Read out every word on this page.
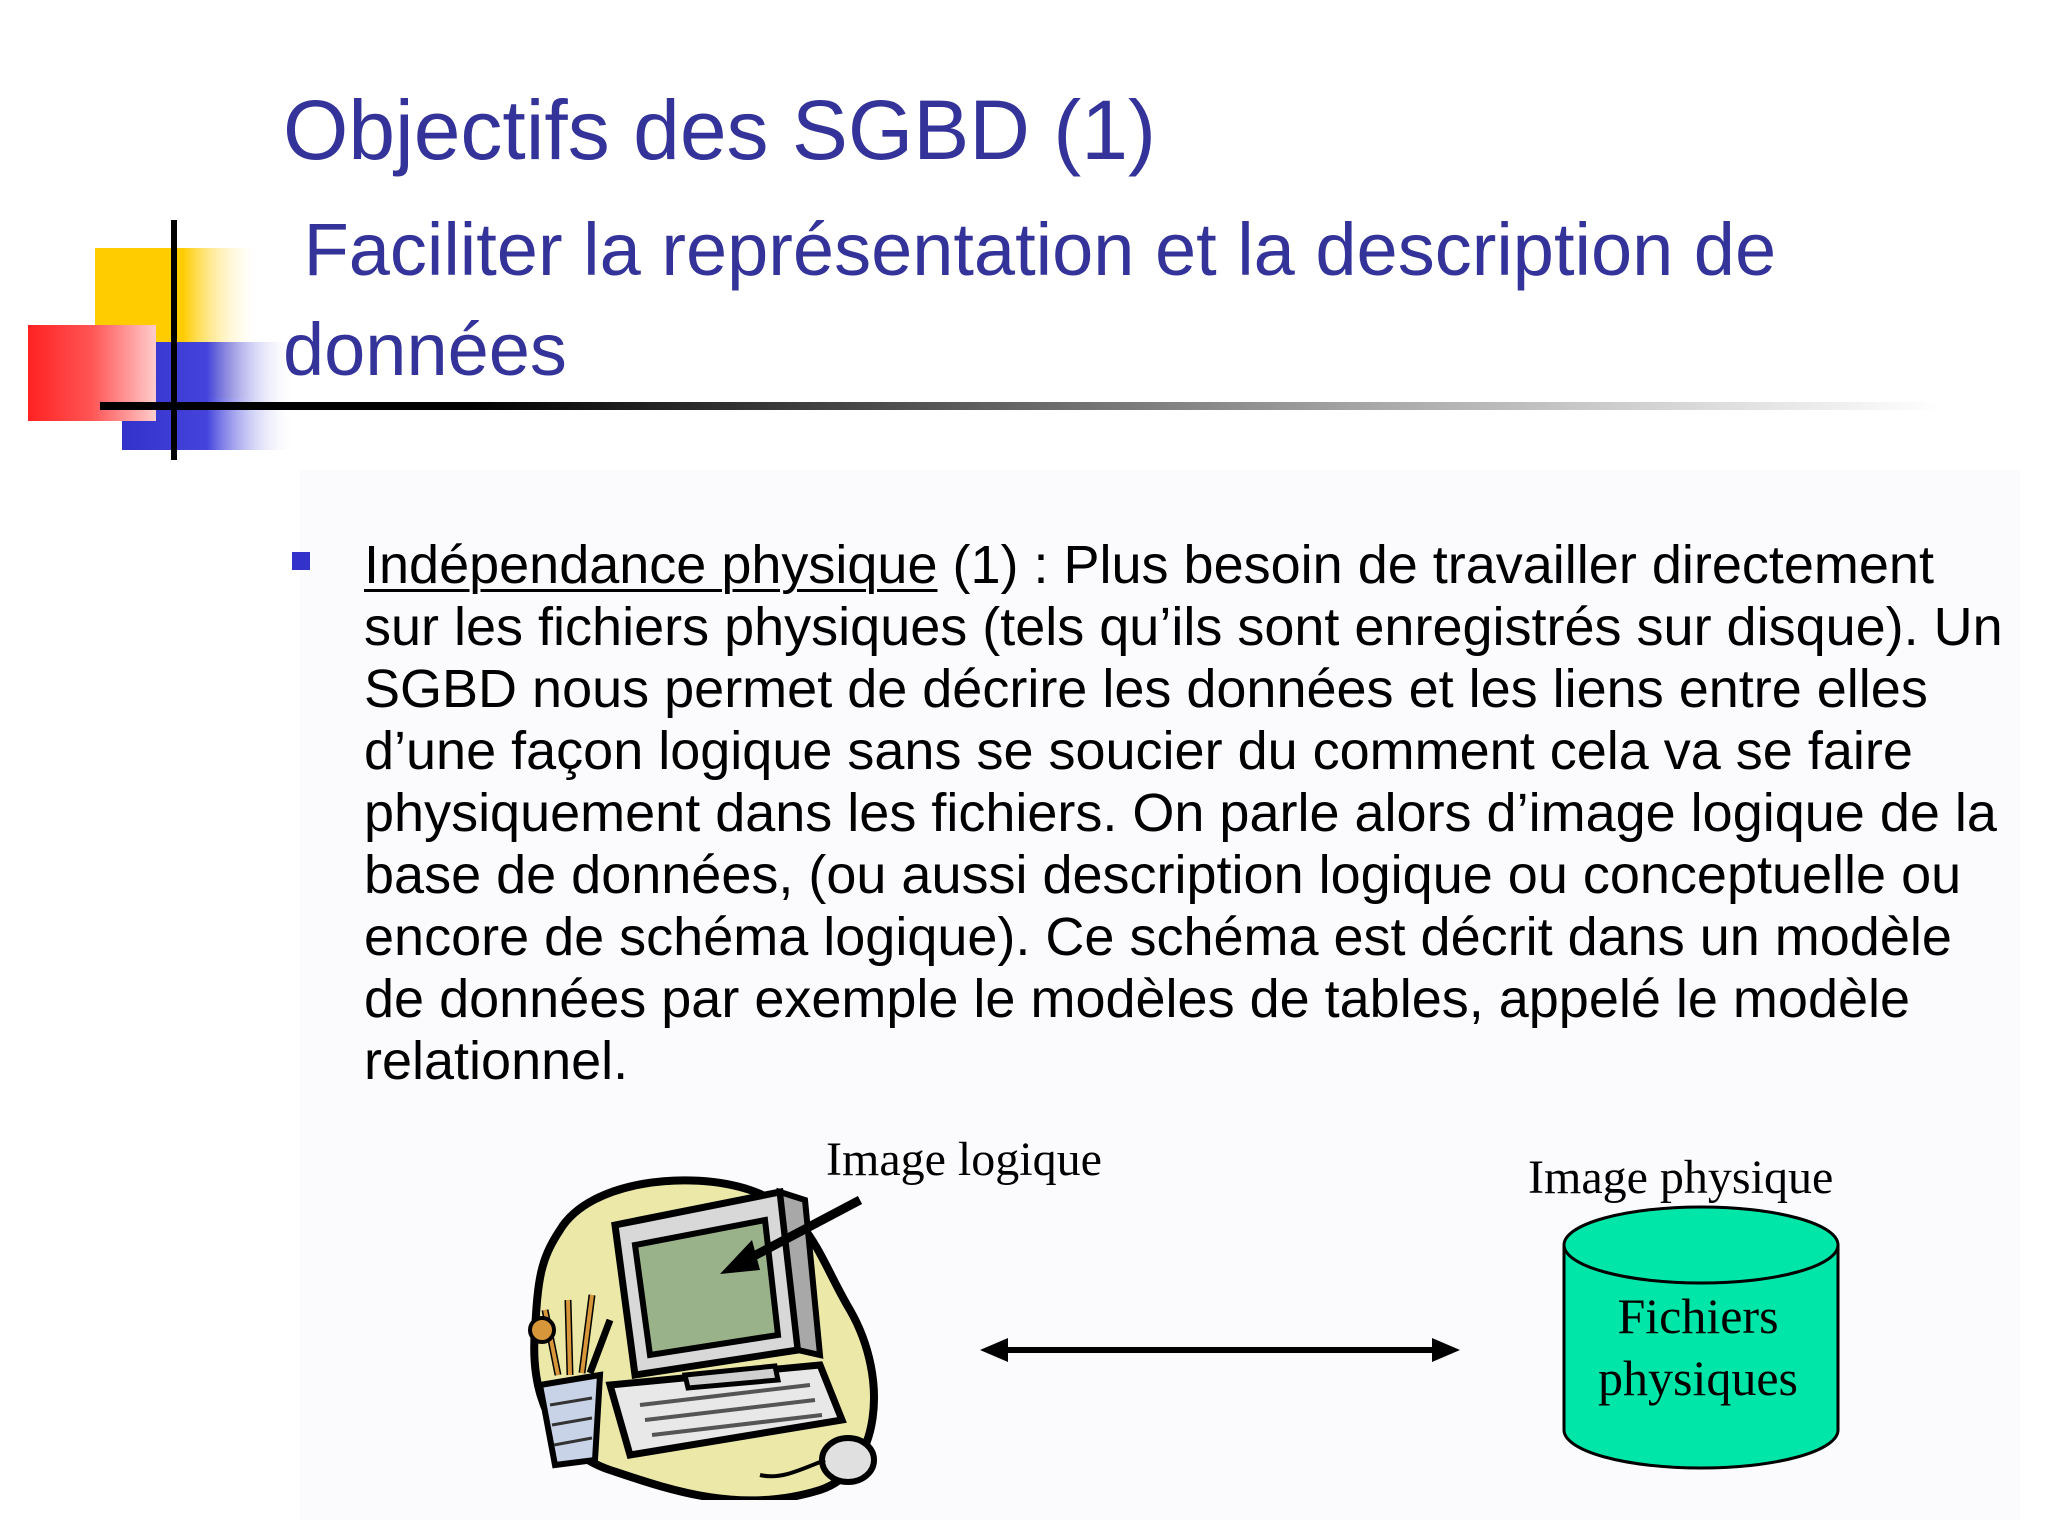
Objectifs des SGBD (1)
Faciliter la représentation et la description de
données
Indépendance physique (1) : Plus besoin de travailler directement sur les fichiers physiques (tels qu’ils sont enregistrés sur disque). Un SGBD nous permet de décrire les données et les liens entre elles d’une façon logique sans se soucier du comment cela va se faire physiquement dans les fichiers. On parle alors d’image logique de la base de données, (ou aussi description logique ou conceptuelle ou encore de schéma logique). Ce schéma est décrit dans un modèle de données par exemple le modèles de tables, appelé le modèle relationnel.
Image logique	Image physique
Fichiers physiques
